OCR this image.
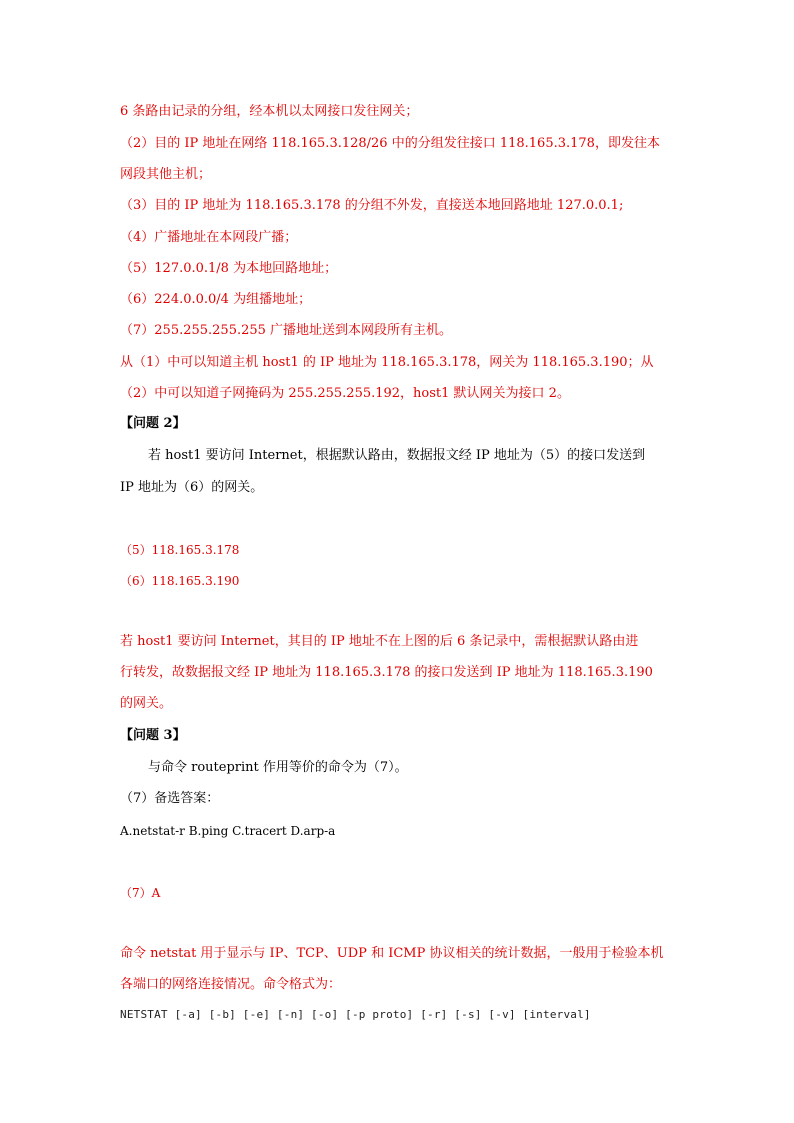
6 条路由记录的分组，经本机以太网接口发往网关；
（2）目的 IP 地址在网络 118.165.3.128/26 中的分组发往接口 118.165.3.178，即发往本
网段其他主机；
（3）目的 IP 地址为 118.165.3.178 的分组不外发，直接送本地回路地址 127.0.0.1;
（4）广播地址在本网段广播；
（5）127.0.0.1/8 为本地回路地址；
（6）224.0.0.0/4 为组播地址；
（7）255.255.255.255 广播地址送到本网段所有主机。
从（1）中可以知道主机 host1 的 IP 地址为 118.165.3.178，网关为 118.165.3.190；从
（2）中可以知道子网掩码为 255.255.255.192，host1 默认网关为接口 2。
【问题 2】
若 host1 要访问 Internet，根据默认路由，数据报文经 IP 地址为（5）的接口发送到
IP 地址为（6）的网关。
（5）118.165.3.178
（6）118.165.3.190
若 host1 要访问 Internet，其目的 IP 地址不在上图的后 6 条记录中，需根据默认路由进
行转发，故数据报文经 IP 地址为 118.165.3.178 的接口发送到 IP 地址为 118.165.3.190
的网关。
【问题 3】
与命令 routeprint 作用等价的命令为（7）。
（7）备选答案：
A.netstat-r B.ping C.tracert D.arp-a
（7）A
命令 netstat 用于显示与 IP、TCP、UDP 和 ICMP 协议相关的统计数据，一般用于检验本机
各端口的网络连接情况。命令格式为：
NETSTAT [-a] [-b] [-e] [-n] [-o] [-p proto] [-r] [-s] [-v] [interval]
